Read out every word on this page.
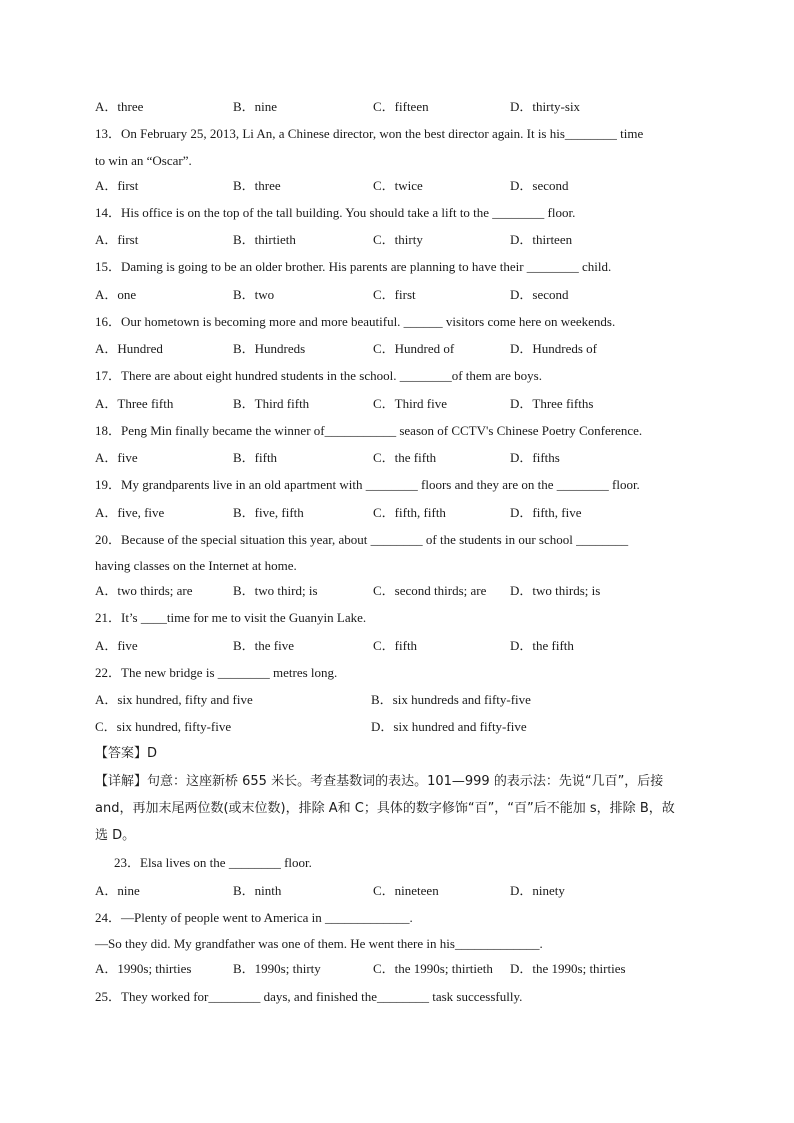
A．three	B．nine	C．fifteen	D．thirty-six
13．On February 25, 2013, Li An, a Chinese director, won the best director again. It is his________ time
to win an “Oscar”.
A．first	B．three	C．twice	D．second
14．His office is on the top of the tall building. You should take a lift to the ________ floor.
A．first	B．thirtieth	C．thirty	D．thirteen
15．Daming is going to be an older brother. His parents are planning to have their ________ child.
A．one	B．two	C．first	D．second
16．Our hometown is becoming more and more beautiful. ______ visitors come here on weekends.
A．Hundred	B．Hundreds	C．Hundred of	D．Hundreds of
17．There are about eight hundred students in the school. ________of them are boys.
A．Three fifth	B．Third fifth	C．Third five	D．Three fifths
18．Peng Min finally became the winner of___________ season of CCTV's Chinese Poetry Conference.
A．five	B．fifth	C．the fifth	D．fifths
19．My grandparents live in an old apartment with ________ floors and they are on the ________ floor.
A．five, five	B．five, fifth	C．fifth, fifth	D．fifth, five
20．Because of the special situation this year, about ________ of the students in our school ________
having classes on the Internet at home.
A．two thirds; are	B．two third; is	C．second thirds; are D．two thirds; is
21．It’s ____time for me to visit the Guanyin Lake.
A．five	B．the five	C．fifth	D．the fifth
22．The new bridge is ________ metres long.
A．six hundred, fifty and five	B．six hundreds and fifty-five
C．six hundred, fifty-five	D．six hundred and fifty-five
【答案】D
【详解】句意：这座新桥 655 米长。考查基数词的表达。101—999 的表示法：先说“几百”，后接
and，再加末尾两位数(或末位数)，排除 A和 C；具体的数字修饰“百”，“百”后不能加 s，排除 B，故
选 D。
23．Elsa lives on the ________ floor.
A．nine	B．ninth	C．nineteen	D．ninety
24．—Plenty of people went to America in _____________.
—So they did. My grandfather was one of them. He went there in his_____________.
A．1990s; thirties	B．1990s; thirty	C．the 1990s; thirtieth D．the 1990s; thirties
25．They worked for________ days, and finished the________ task successfully.
